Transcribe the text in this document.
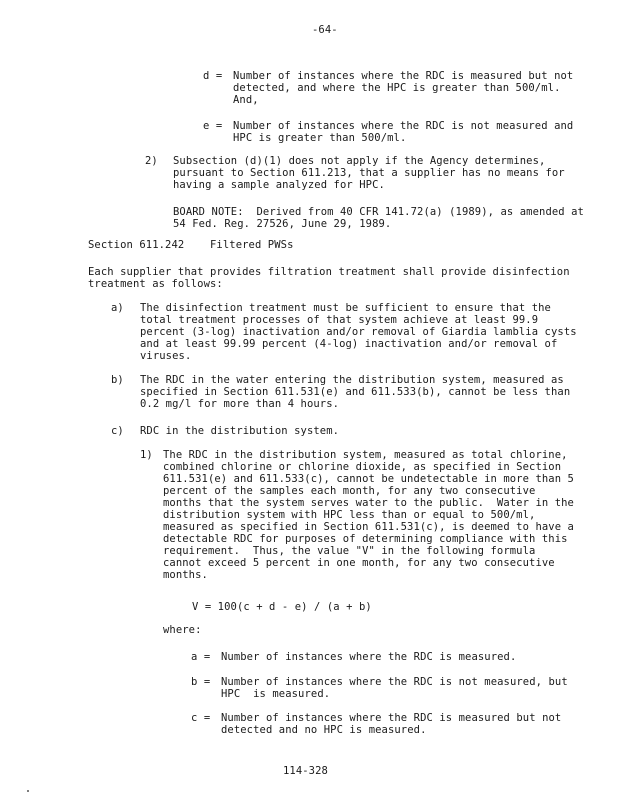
-64-
d = Number of instances where the RDC is measured but not
detected, and where the HPC is greater than 500/ml.
And,
e = Number of instances where the RDC is not measured and
HPC is greater than 500/ml.
2) Subsection (d)(1) does not apply if the Agency determines,
pursuant to Section 611.213, that a supplier has no means for
having a sample analyzed for HPC.
BOARD NOTE:  Derived from 40 CFR 141.72(a) (1989), as amended at
54 Fed. Reg. 27526, June 29, 1989.
Section 611.242    Filtered PWSs
Each supplier that provides filtration treatment shall provide disinfection
treatment as follows:
a) The disinfection treatment must be sufficient to ensure that the
total treatment processes of that system achieve at least 99.9
percent (3-log) inactivation and/or removal of Giardia lamblia cysts
and at least 99.99 percent (4-log) inactivation and/or removal of
viruses.
b) The RDC in the water entering the distribution system, measured as
specified in Section 611.531(e) and 611.533(b), cannot be less than
0.2 mg/l for more than 4 hours.
c) RDC in the distribution system.
1) The RDC in the distribution system, measured as total chlorine,
combined chlorine or chlorine dioxide, as specified in Section
611.531(e) and 611.533(c), cannot be undetectable in more than 5
percent of the samples each month, for any two consecutive
months that the system serves water to the public.  Water in the
distribution system with HPC less than or equal to 500/ml,
measured as specified in Section 611.531(c), is deemed to have a
detectable RDC for purposes of determining compliance with this
requirement.  Thus, the value "V" in the following formula
cannot exceed 5 percent in one month, for any two consecutive
months.
V = 100(c + d - e) / (a + b)
where:
a = Number of instances where the RDC is measured.
b = Number of instances where the RDC is not measured, but
HPC  is measured.
c = Number of instances where the RDC is measured but not
detected and no HPC is measured.
114-328
